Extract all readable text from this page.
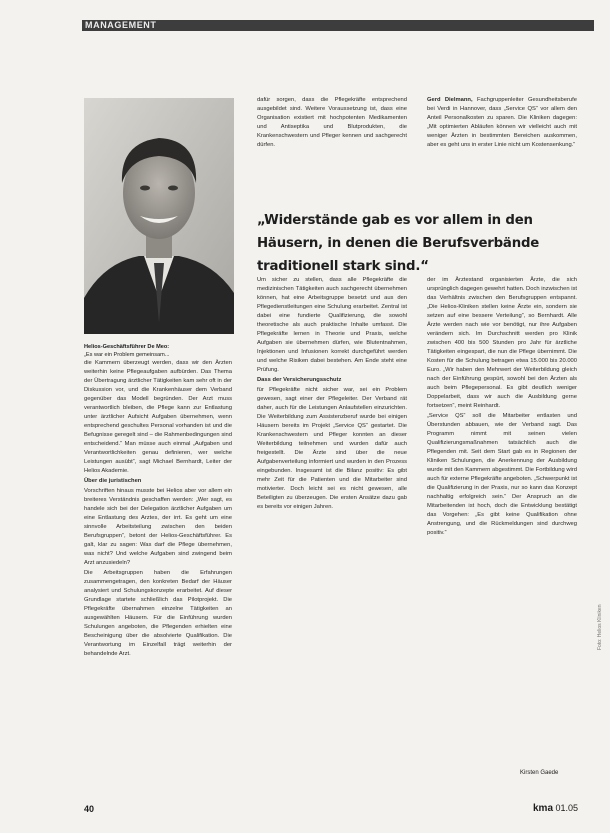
MANAGEMENT
Helios-Geschäftsführer De Meo:
„Es war ein Problem gemeinsam...

die Kammern überzeugt werden, dass wir den Ärzten weiterhin keine Pflegeaufgaben aufbürden. Das Thema der Übertragung ärztlicher Tätigkeiten kam sehr oft in der Diskussion vor, und die Krankenhäuser dem Verband gegenüber das Modell begründen. Der Arzt muss verantwortlich bleiben, die Pflege kann zur Entlastung unter ärztlicher Aufsicht Aufgaben übernehmen, wenn entsprechend geschultes Personal vorhanden ist und die Befugnisse geregelt sind – die Rahmenbedingungen sind entscheidend.“ Man müsse auch einmal „Aufgaben und Verantwortlichkeiten genau definieren, wer welche Leistungen ausübt“, sagt Michael Bernhardt, Leiter der Helios Akademie.

Über die juristischen

Vorschriften hinaus musste bei Helios aber vor allem ein breiteres Verständnis geschaffen werden: „Wer sagt, es handele sich bei der Delegation ärztlicher Aufgaben um eine Entlastung des Arztes, der irrt. Es geht um eine sinnvolle Arbeitsteilung zwischen den beiden Berufsgruppen“, betont der Helios-Geschäftsführer. Es galt, klar zu sagen: Was darf die Pflege übernehmen, was nicht? Und welche Aufgaben sind zwingend beim Arzt anzusiedeln?

Die Arbeitsgruppen haben die Erfahrungen zusammengetragen, den konkreten Bedarf der Häuser analysiert und Schulungskonzepte erarbeitet. Auf dieser Grundlage startete schließlich das Pilotprojekt. Die Pflegekräfte übernahmen einzelne Tätigkeiten an ausgewählten Häusern. Für die Einführung wurden Schulungen angeboten, die Pflegenden erhielten eine Bescheinigung über die absolvierte Qualifikation. Die Verantwortung im Einzelfall trägt weiterhin der behandelnde Arzt.

dafür sorgen, dass die Pflegekräfte entsprechend ausgebildet sind. Weitere Voraussetzung ist, dass eine Organisation existiert mit hochpotenten Medikamenten und Antiseptika und Blutprodukten, die Krankenschwestern und Pfleger kennen und sachgerecht dürfen.

Gerd Dielmann, Fachgruppenleiter Gesundheitsberufe bei Verdi in Hannover, dass „Service QS“ vor allem den Anteil Personalkosten zu sparen. Die Kliniken dagegen: „Mit optimierten Abläufen können wir vielleicht auch mit weniger Ärzten in bestimmten Bereichen auskommen, aber es geht uns in erster Linie nicht um Kostensenkung.“

„Widerstände gab es vor allem in den Häusern, in denen die Berufsverbände traditionell stark sind.“

Um sicher zu stellen, dass alle Pflegekräfte die medizinischen Tätigkeiten auch sachgerecht übernehmen können, hat eine Arbeitsgruppe besetzt und aus den Pflegedienstleitungen eine Schulung erarbeitet. Zentral ist dabei eine fundierte Qualifizierung, die sowohl theoretische als auch praktische Inhalte umfasst. Die Pflegekräfte lernen in Theorie und Praxis, welche Aufgaben sie übernehmen dürfen, wie Blutentnahmen, Injektionen und Infusionen korrekt durchgeführt werden und welche Risiken dabei bestehen. Am Ende steht eine Prüfung.

Dass der Versicherungsschutz

für Pflegekräfte nicht sicher war, sei ein Problem gewesen, sagt einer der Pflegeleiter. Der Verband rät daher, auch für die Leistungen Anlaufstellen einzurichten. Die Weiterbildung zum Assistenzberuf wurde bei einigen Häusern bereits im Projekt „Service QS“ gestartet. Die Krankenschwestern und Pfleger konnten an dieser Weiterbildung teilnehmen und wurden dafür auch freigestellt. Die Ärzte sind über die neue Aufgabenverteilung informiert und wurden in den Prozess eingebunden. Insgesamt ist die Bilanz positiv: Es gibt mehr Zeit für die Patienten und die Mitarbeiter sind motivierter. Doch leicht sei es nicht gewesen, alle Beteiligten zu überzeugen. Die ersten Ansätze dazu gab es bereits vor einigen Jahren.

der im Ärztestand organisierten Ärzte, die sich ursprünglich dagegen gewehrt hatten. Doch inzwischen ist das Verhältnis zwischen den Berufsgruppen entspannt. „Die Helios-Kliniken stellen keine Ärzte ein, sondern sie setzen auf eine bessere Verteilung“, so Bernhardt. Alle Ärzte werden nach wie vor benötigt, nur ihre Aufgaben verändern sich. Im Durchschnitt werden pro Klinik zwischen 400 bis 500 Stunden pro Jahr für ärztliche Tätigkeiten eingespart, die nun die Pflege übernimmt. Die Kosten für die Schulung betragen etwa 15.000 bis 20.000 Euro. „Wir haben den Mehrwert der Weiterbildung gleich nach der Einführung gespürt, sowohl bei den Ärzten als auch beim Pflegepersonal. Es gibt deutlich weniger Doppelarbeit, dass wir auch die Ausbildung gerne fortsetzen“, meint Reinhardt.

„Service QS“ soll die Mitarbeiter entlasten und Überstunden abbauen, wie der Verband sagt. Das Programm nimmt mit seinen vielen Qualifizierungsmaßnahmen tatsächlich auch die Pflegenden mit. Seit dem Start gab es in Regionen der Kliniken Schulungen, die Anerkennung der Ausbildung wurde mit den Kammern abgestimmt. Die Fortbildung wird auch für externe Pflegekräfte angeboten. „Schwerpunkt ist die Qualifizierung in der Praxis, nur so kann das Konzept nachhaltig erfolgreich sein.“ Der Anspruch an die Mitarbeitenden ist hoch, doch die Entwicklung bestätigt das Vorgehen: „Es gibt keine Qualifikation ohne Anstrengung, und die Rückmeldungen sind durchweg positiv.“

Kirsten Gaede
40	kma 01.05
Foto: Helios Kliniken
